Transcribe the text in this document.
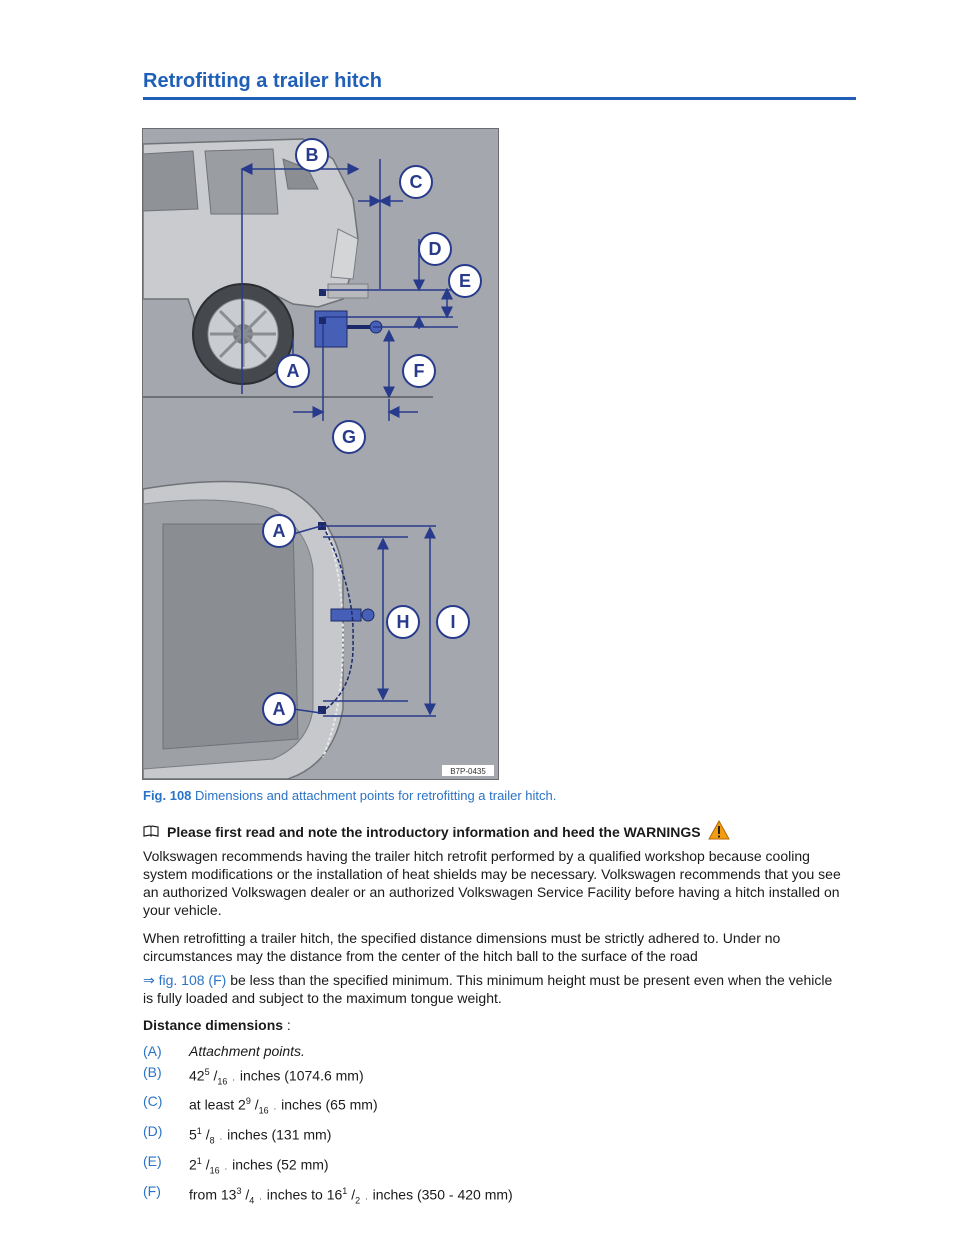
Retrofitting a trailer hitch
B
C
D
E
A	F
G
A
H I
A
B7P-0435
Fig. 108 Dimensions and attachment points for retrofitting a trailer hitch.
Please first read and note the introductory information and heed the WARNINGS
Volkswagen recommends having the trailer hitch retrofit performed by a qualified workshop because cooling system modifications or the installation of heat shields may be necessary. Volkswagen recommends that you see an authorized Volkswagen dealer or an authorized Volkswagen Service Facility before having a hitch installed on your vehicle.
When retrofitting a trailer hitch, the specified distance dimensions must be strictly adhered to. Under no circumstances may the distance from the center of the hitch ball to the surface of the road
⇒ fig. 108 (F) be less than the specified minimum. This minimum height must be present even when the vehicle is fully loaded and subject to the maximum tongue weight.
Distance dimensions :
(A)	Attachment points.
(B)	$42^5$ $/_{16}$  .  inches (1074.6 mm)
(C)	at least $2^9$ $/_{16}$  .  inches (65 mm)
(D)	$5^1$ $/_8$  .  inches (131 mm)
(E)	$2^1$ $/_{16}$  .  inches (52 mm)
(F)	from $13^3$ $/_4$  .  inches to $16^1$ $/_2$  .  inches (350 - 420 mm)
